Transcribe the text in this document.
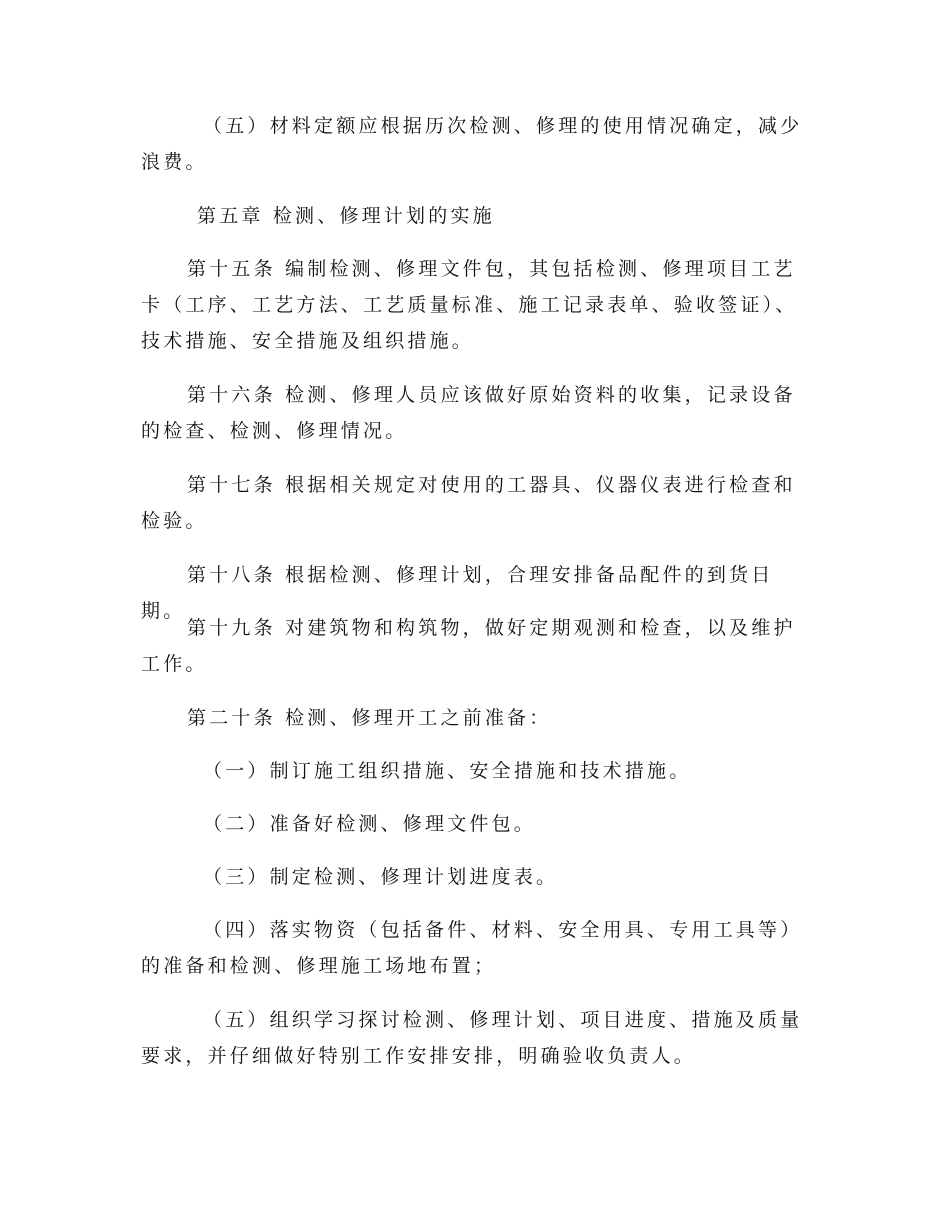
（五）材料定额应根据历次检测、修理的使用情况确定，减少浪费。

第五章 检测、修理计划的实施

第十五条 编制检测、修理文件包，其包括检测、修理项目工艺卡（工序、工艺方法、工艺质量标准、施工记录表单、验收签证）、技术措施、安全措施及组织措施。

第十六条 检测、修理人员应该做好原始资料的收集，记录设备的检查、检测、修理情况。

第十七条 根据相关规定对使用的工器具、仪器仪表进行检查和检验。

第十八条 根据检测、修理计划，合理安排备品配件的到货日期。

第十九条 对建筑物和构筑物，做好定期观测和检查，以及维护工作。

第二十条 检测、修理开工之前准备：

（一）制订施工组织措施、安全措施和技术措施。

（二）准备好检测、修理文件包。

（三）制定检测、修理计划进度表。

（四）落实物资（包括备件、材料、安全用具、专用工具等）的准备和检测、修理施工场地布置；

（五）组织学习探讨检测、修理计划、项目进度、措施及质量要求，并仔细做好特别工作安排安排，明确验收负责人。
